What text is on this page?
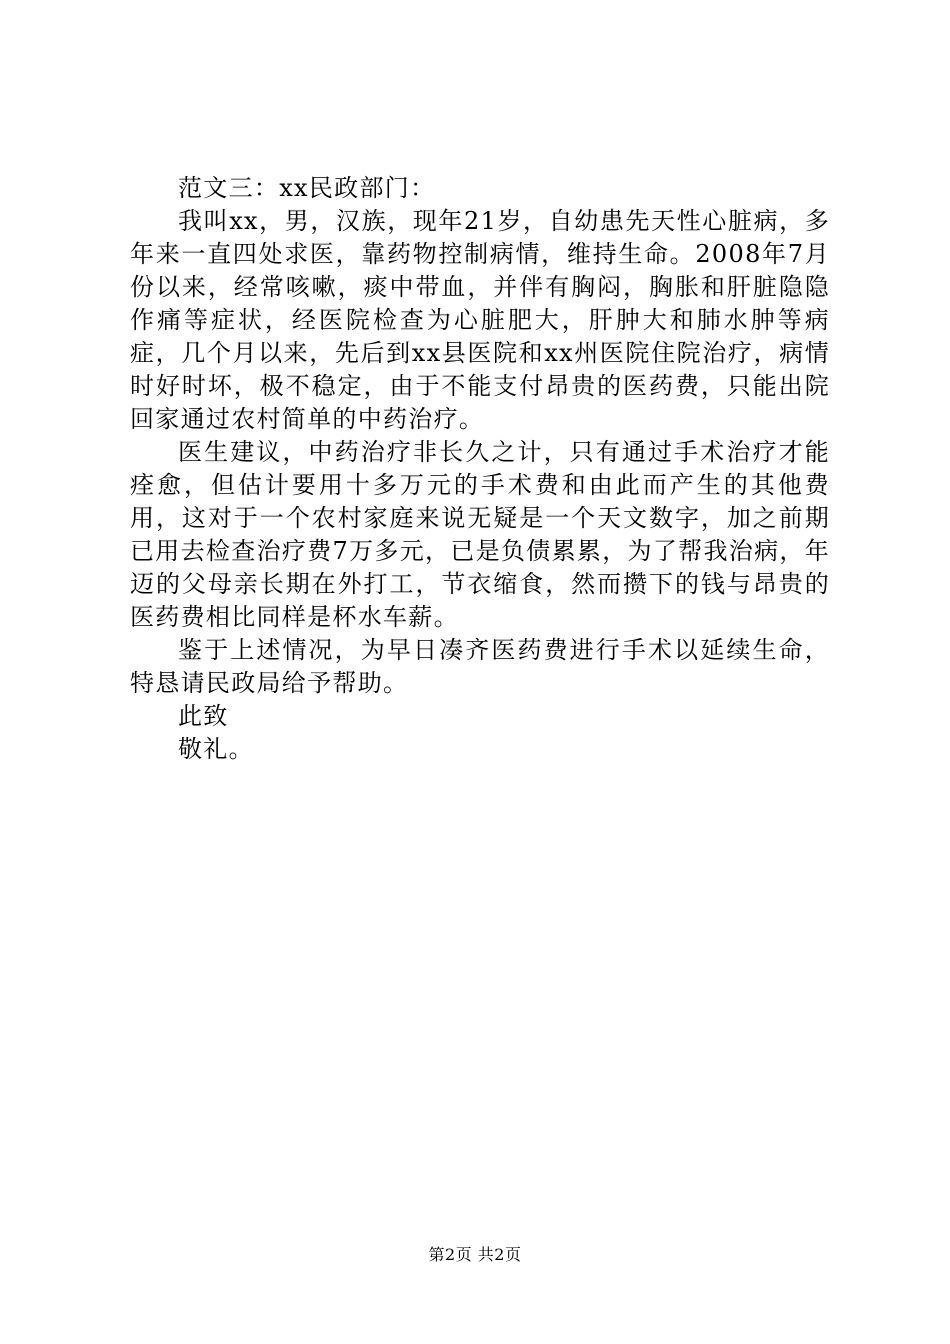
范文三：xx民政部门：

我叫xx，男，汉族，现年21岁，自幼患先天性心脏病，多年来一直四处求医，靠药物控制病情，维持生命。2008年7月份以来，经常咳嗽，痰中带血，并伴有胸闷，胸胀和肝脏隐隐作痛等症状，经医院检查为心脏肥大，肝肿大和肺水肿等病症，几个月以来，先后到xx县医院和xx州医院住院治疗，病情时好时坏，极不稳定，由于不能支付昂贵的医药费，只能出院回家通过农村简单的中药治疗。

医生建议，中药治疗非长久之计，只有通过手术治疗才能痊愈，但估计要用十多万元的手术费和由此而产生的其他费用，这对于一个农村家庭来说无疑是一个天文数字，加之前期已用去检查治疗费7万多元，已是负债累累，为了帮我治病，年迈的父母亲长期在外打工，节衣缩食，然而攒下的钱与昂贵的医药费相比同样是杯水车薪。

鉴于上述情况，为早日凑齐医药费进行手术以延续生命，特恳请民政局给予帮助。

此致

敬礼。

第2页 共2页
